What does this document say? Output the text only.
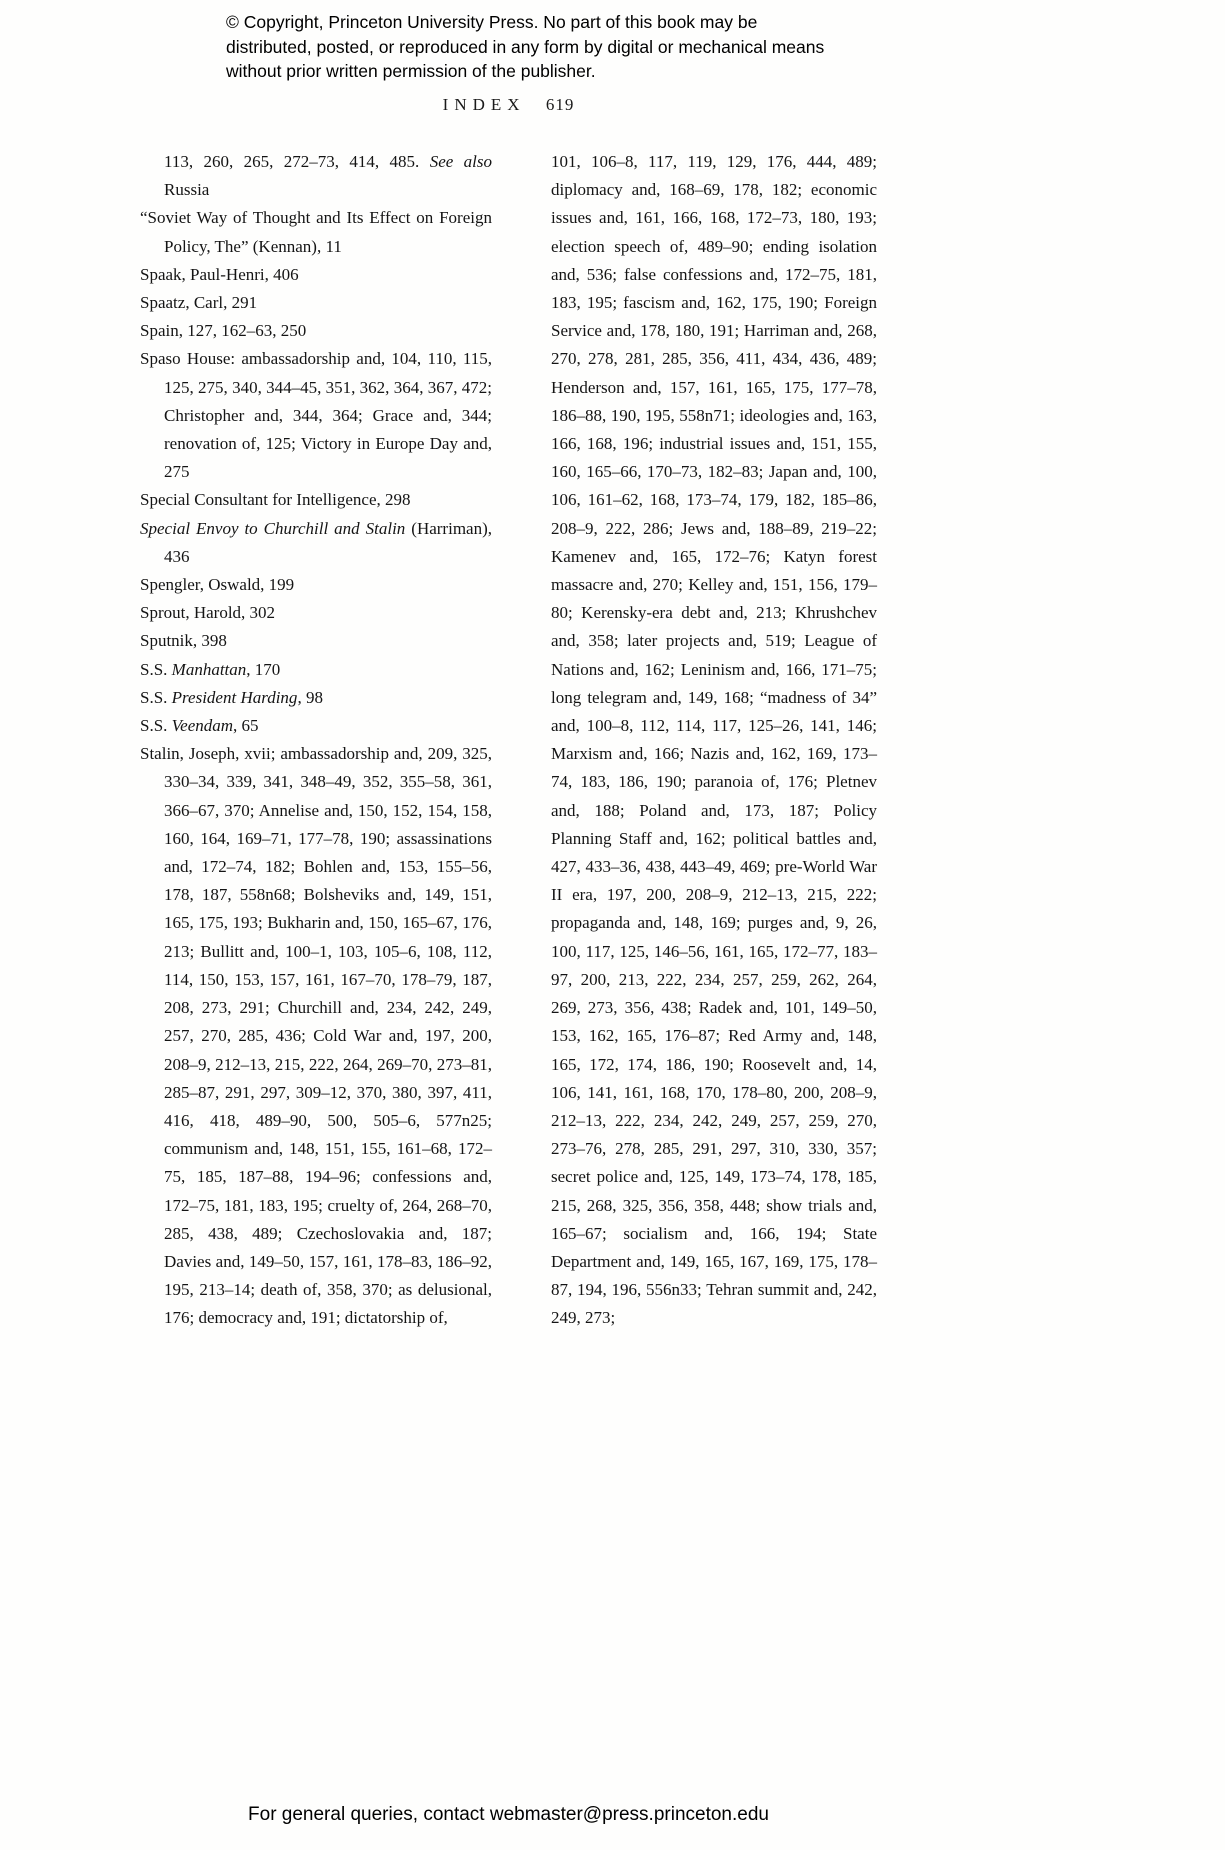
© Copyright, Princeton University Press. No part of this book may be distributed, posted, or reproduced in any form by digital or mechanical means without prior written permission of the publisher.
INDEX 619

113, 260, 265, 272–73, 414, 485. See also Russia

“Soviet Way of Thought and Its Effect on Foreign Policy, The” (Kennan), 11

Spaak, Paul-Henri, 406

Spaatz, Carl, 291

Spain, 127, 162–63, 250

Spaso House: ambassadorship and, 104, 110, 115, 125, 275, 340, 344–45, 351, 362, 364, 367, 472; Christopher and, 344, 364; Grace and, 344; renovation of, 125; Victory in Europe Day and, 275

Special Consultant for Intelligence, 298

Special Envoy to Churchill and Stalin (Harriman), 436

Spengler, Oswald, 199

Sprout, Harold, 302

Sputnik, 398

S.S. Manhattan, 170

S.S. President Harding, 98

S.S. Veendam, 65

Stalin, Joseph, xvii; ambassadorship and, 209, 325, 330–34, 339, 341, 348–49, 352, 355–58, 361, 366–67, 370; Annelise and, 150, 152, 154, 158, 160, 164, 169–71, 177–78, 190; assassinations and, 172–74, 182; Bohlen and, 153, 155–56, 178, 187, 558n68; Bolsheviks and, 149, 151, 165, 175, 193; Bukharin and, 150, 165–67, 176, 213; Bullitt and, 100–1, 103, 105–6, 108, 112, 114, 150, 153, 157, 161, 167–70, 178–79, 187, 208, 273, 291; Churchill and, 234, 242, 249, 257, 270, 285, 436; Cold War and, 197, 200, 208–9, 212–13, 215, 222, 264, 269–70, 273–81, 285–87, 291, 297, 309–12, 370, 380, 397, 411, 416, 418, 489–90, 500, 505–6, 577n25; communism and, 148, 151, 155, 161–68, 172–75, 185, 187–88, 194–96; confessions and, 172–75, 181, 183, 195; cruelty of, 264, 268–70, 285, 438, 489; Czechoslovakia and, 187; Davies and, 149–50, 157, 161, 178–83, 186–92, 195, 213–14; death of, 358, 370; as delusional, 176; democracy and, 191; dictatorship of,

101, 106–8, 117, 119, 129, 176, 444, 489; diplomacy and, 168–69, 178, 182; economic issues and, 161, 166, 168, 172–73, 180, 193; election speech of, 489–90; ending isolation and, 536; false confessions and, 172–75, 181, 183, 195; fascism and, 162, 175, 190; Foreign Service and, 178, 180, 191; Harriman and, 268, 270, 278, 281, 285, 356, 411, 434, 436, 489; Henderson and, 157, 161, 165, 175, 177–78, 186–88, 190, 195, 558n71; ideologies and, 163, 166, 168, 196; industrial issues and, 151, 155, 160, 165–66, 170–73, 182–83; Japan and, 100, 106, 161–62, 168, 173–74, 179, 182, 185–86, 208–9, 222, 286; Jews and, 188–89, 219–22; Kamenev and, 165, 172–76; Katyn forest massacre and, 270; Kelley and, 151, 156, 179–80; Kerensky-era debt and, 213; Khrushchev and, 358; later projects and, 519; League of Nations and, 162; Leninism and, 166, 171–75; long telegram and, 149, 168; “madness of 34” and, 100–8, 112, 114, 117, 125–26, 141, 146; Marxism and, 166; Nazis and, 162, 169, 173–74, 183, 186, 190; paranoia of, 176; Pletnev and, 188; Poland and, 173, 187; Policy Planning Staff and, 162; political battles and, 427, 433–36, 438, 443–49, 469; pre-World War II era, 197, 200, 208–9, 212–13, 215, 222; propaganda and, 148, 169; purges and, 9, 26, 100, 117, 125, 146–56, 161, 165, 172–77, 183–97, 200, 213, 222, 234, 257, 259, 262, 264, 269, 273, 356, 438; Radek and, 101, 149–50, 153, 162, 165, 176–87; Red Army and, 148, 165, 172, 174, 186, 190; Roosevelt and, 14, 106, 141, 161, 168, 170, 178–80, 200, 208–9, 212–13, 222, 234, 242, 249, 257, 259, 270, 273–76, 278, 285, 291, 297, 310, 330, 357; secret police and, 125, 149, 173–74, 178, 185, 215, 268, 325, 356, 358, 448; show trials and, 165–67; socialism and, 166, 194; State Department and, 149, 165, 167, 169, 175, 178–87, 194, 196, 556n33; Tehran summit and, 242, 249, 273;

For general queries, contact webmaster@press.princeton.edu
